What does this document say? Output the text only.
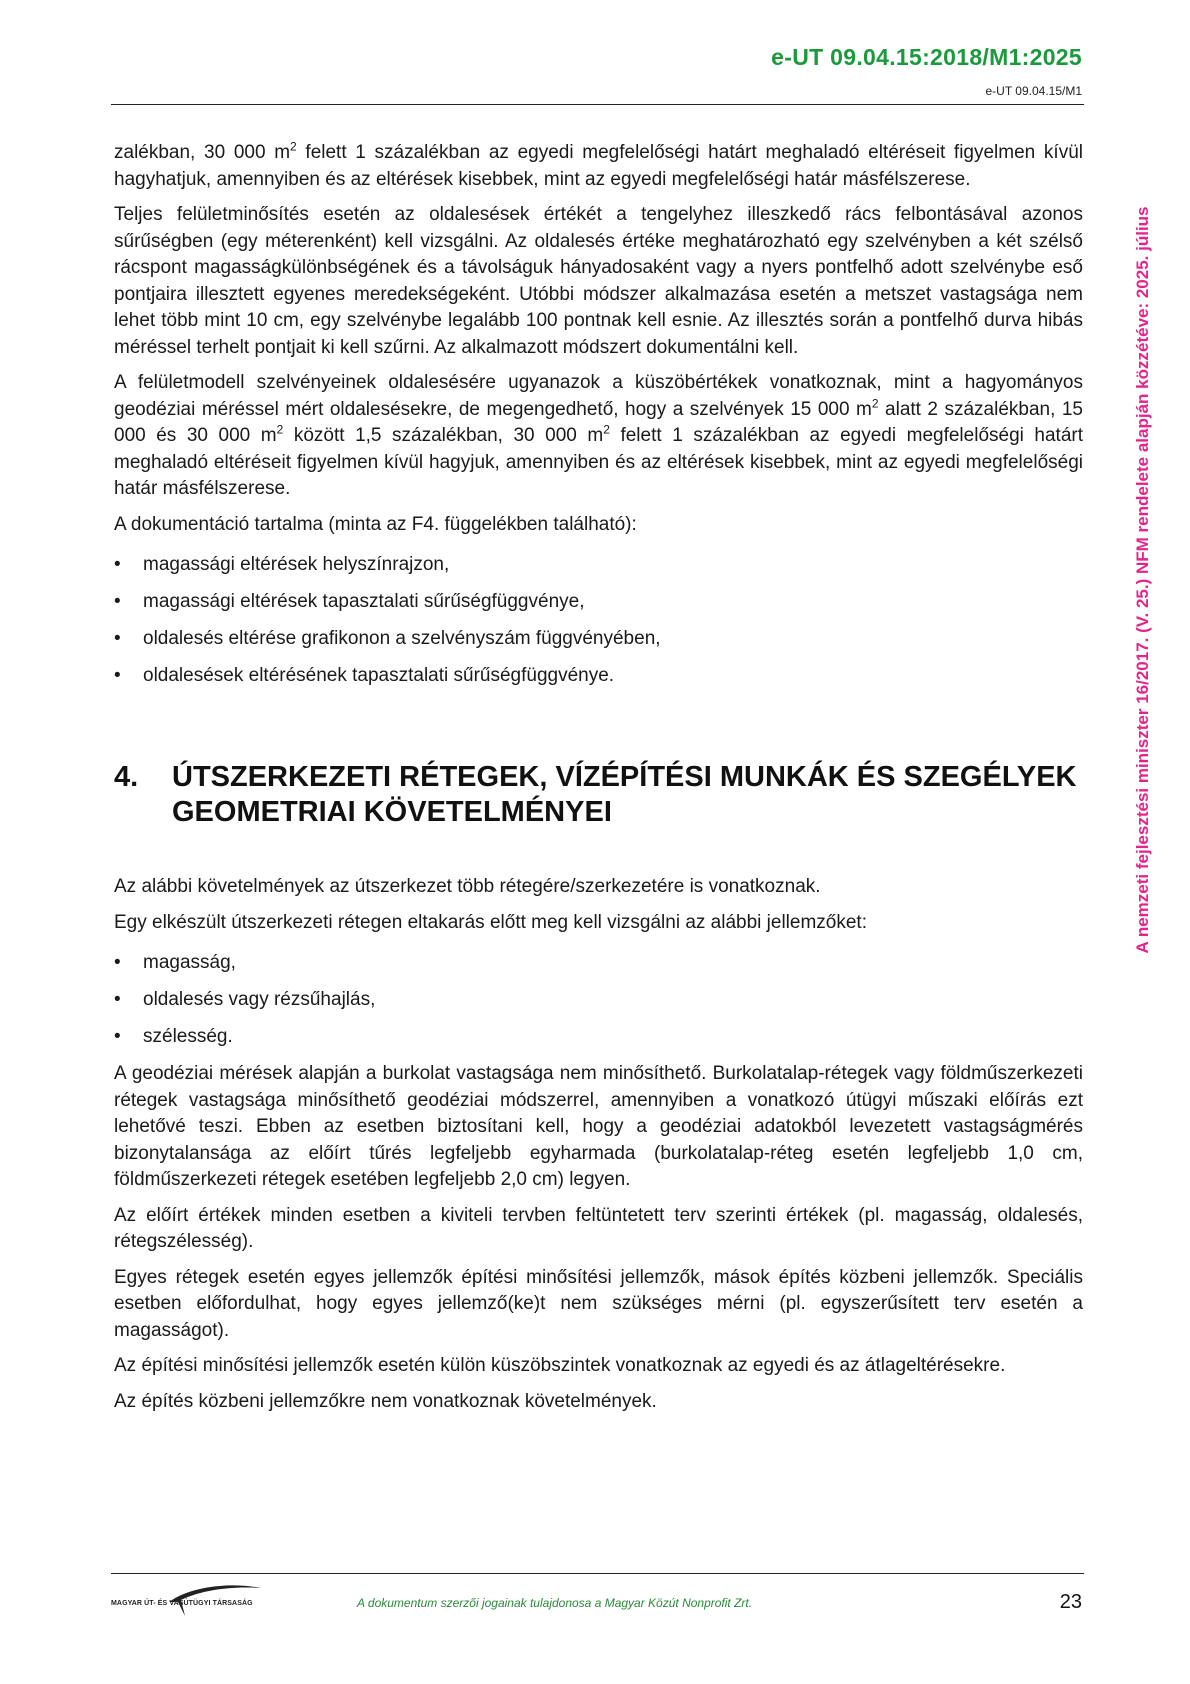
e-UT 09.04.15:2018/M1:2025
e-UT 09.04.15/M1
A nemzeti fejlesztési miniszter 16/2017. (V. 25.) NFM rendelete alapján közzétéve: 2025. július

zalékban, 30 000 $m^2$ felett 1 százalékban az egyedi megfelelőségi határt meghaladó eltéréseit figyelmen kívül hagyhatjuk, amennyiben és az eltérések kisebbek, mint az egyedi megfelelőségi határ másfélszerese.

Teljes felületminősítés esetén az oldalesések értékét a tengelyhez illeszkedő rács felbontásával azonos sűrűségben (egy méterenként) kell vizsgálni. Az oldalesés értéke meghatározható egy szelvényben a két szélső rácspont magasságkülönbségének és a távolságuk hányadosaként vagy a nyers pontfelhő adott szelvénybe eső pontjaira illesztett egyenes meredekségeként. Utóbbi módszer alkalmazása esetén a metszet vastagsága nem lehet több mint 10 cm, egy szelvénybe legalább 100 pontnak kell esnie. Az illesztés során a pontfelhő durva hibás méréssel terhelt pontjait ki kell szűrni. Az alkalmazott módszert dokumentálni kell.

A felületmodell szelvényeinek oldalesésére ugyanazok a küszöbértékek vonatkoznak, mint a hagyományos geodéziai méréssel mért oldalesésekre, de megengedhető, hogy a szelvények 15 000 $m^2$ alatt 2 százalékban, 15 000 és 30 000 $m^2$ között 1,5 százalékban, 30 000 $m^2$ felett 1 százalékban az egyedi megfelelőségi határt meghaladó eltéréseit figyelmen kívül hagyjuk, amennyiben és az eltérések kisebbek, mint az egyedi megfelelőségi határ másfélszerese.

A dokumentáció tartalma (minta az F4. függelékben található):

• magassági eltérések helyszínrajzon,
• magassági eltérések tapasztalati sűrűségfüggvénye,
• oldalesés eltérése grafikonon a szelvényszám függvényében,
• oldalesések eltérésének tapasztalati sűrűségfüggvénye.
4.	ÚTSZERKEZETI RÉTEGEK, VÍZÉPÍTÉSI MUNKÁK ÉS SZEGÉLYEK GEOMETRIAI KÖVETELMÉNYEI

Az alábbi követelmények az útszerkezet több rétegére/szerkezetére is vonatkoznak.

Egy elkészült útszerkezeti rétegen eltakarás előtt meg kell vizsgálni az alábbi jellemzőket:

• magasság,
• oldalesés vagy rézsűhajlás,
• szélesség.

A geodéziai mérések alapján a burkolat vastagsága nem minősíthető. Burkolatalap-rétegek vagy földműszerkezeti rétegek vastagsága minősíthető geodéziai módszerrel, amennyiben a vonatkozó útügyi műszaki előírás ezt lehetővé teszi. Ebben az esetben biztosítani kell, hogy a geodéziai adatokból levezetett vastagságmérés bizonytalansága az előírt tűrés legfeljebb egyharmada (burkolatalap-réteg esetén legfeljebb 1,0 cm, földműszerkezeti rétegek esetében legfeljebb 2,0 cm) legyen.

Az előírt értékek minden esetben a kiviteli tervben feltüntetett terv szerinti értékek (pl. magasság, oldalesés, rétegszélesség).

Egyes rétegek esetén egyes jellemzők építési minősítési jellemzők, mások építés közbeni jellemzők. Speciális esetben előfordulhat, hogy egyes jellemző(ke)t nem szükséges mérni (pl. egyszerűsített terv esetén a magasságot).

Az építési minősítési jellemzők esetén külön küszöbszintek vonatkoznak az egyedi és az átlageltérésekre.

Az építés közbeni jellemzőkre nem vonatkoznak követelmények.

MAGYAR ÚT- ÉS VASÚTÜGYI TÁRSASÁG	A dokumentum szerzői jogainak tulajdonosa a Magyar Közút Nonprofit Zrt.	23
